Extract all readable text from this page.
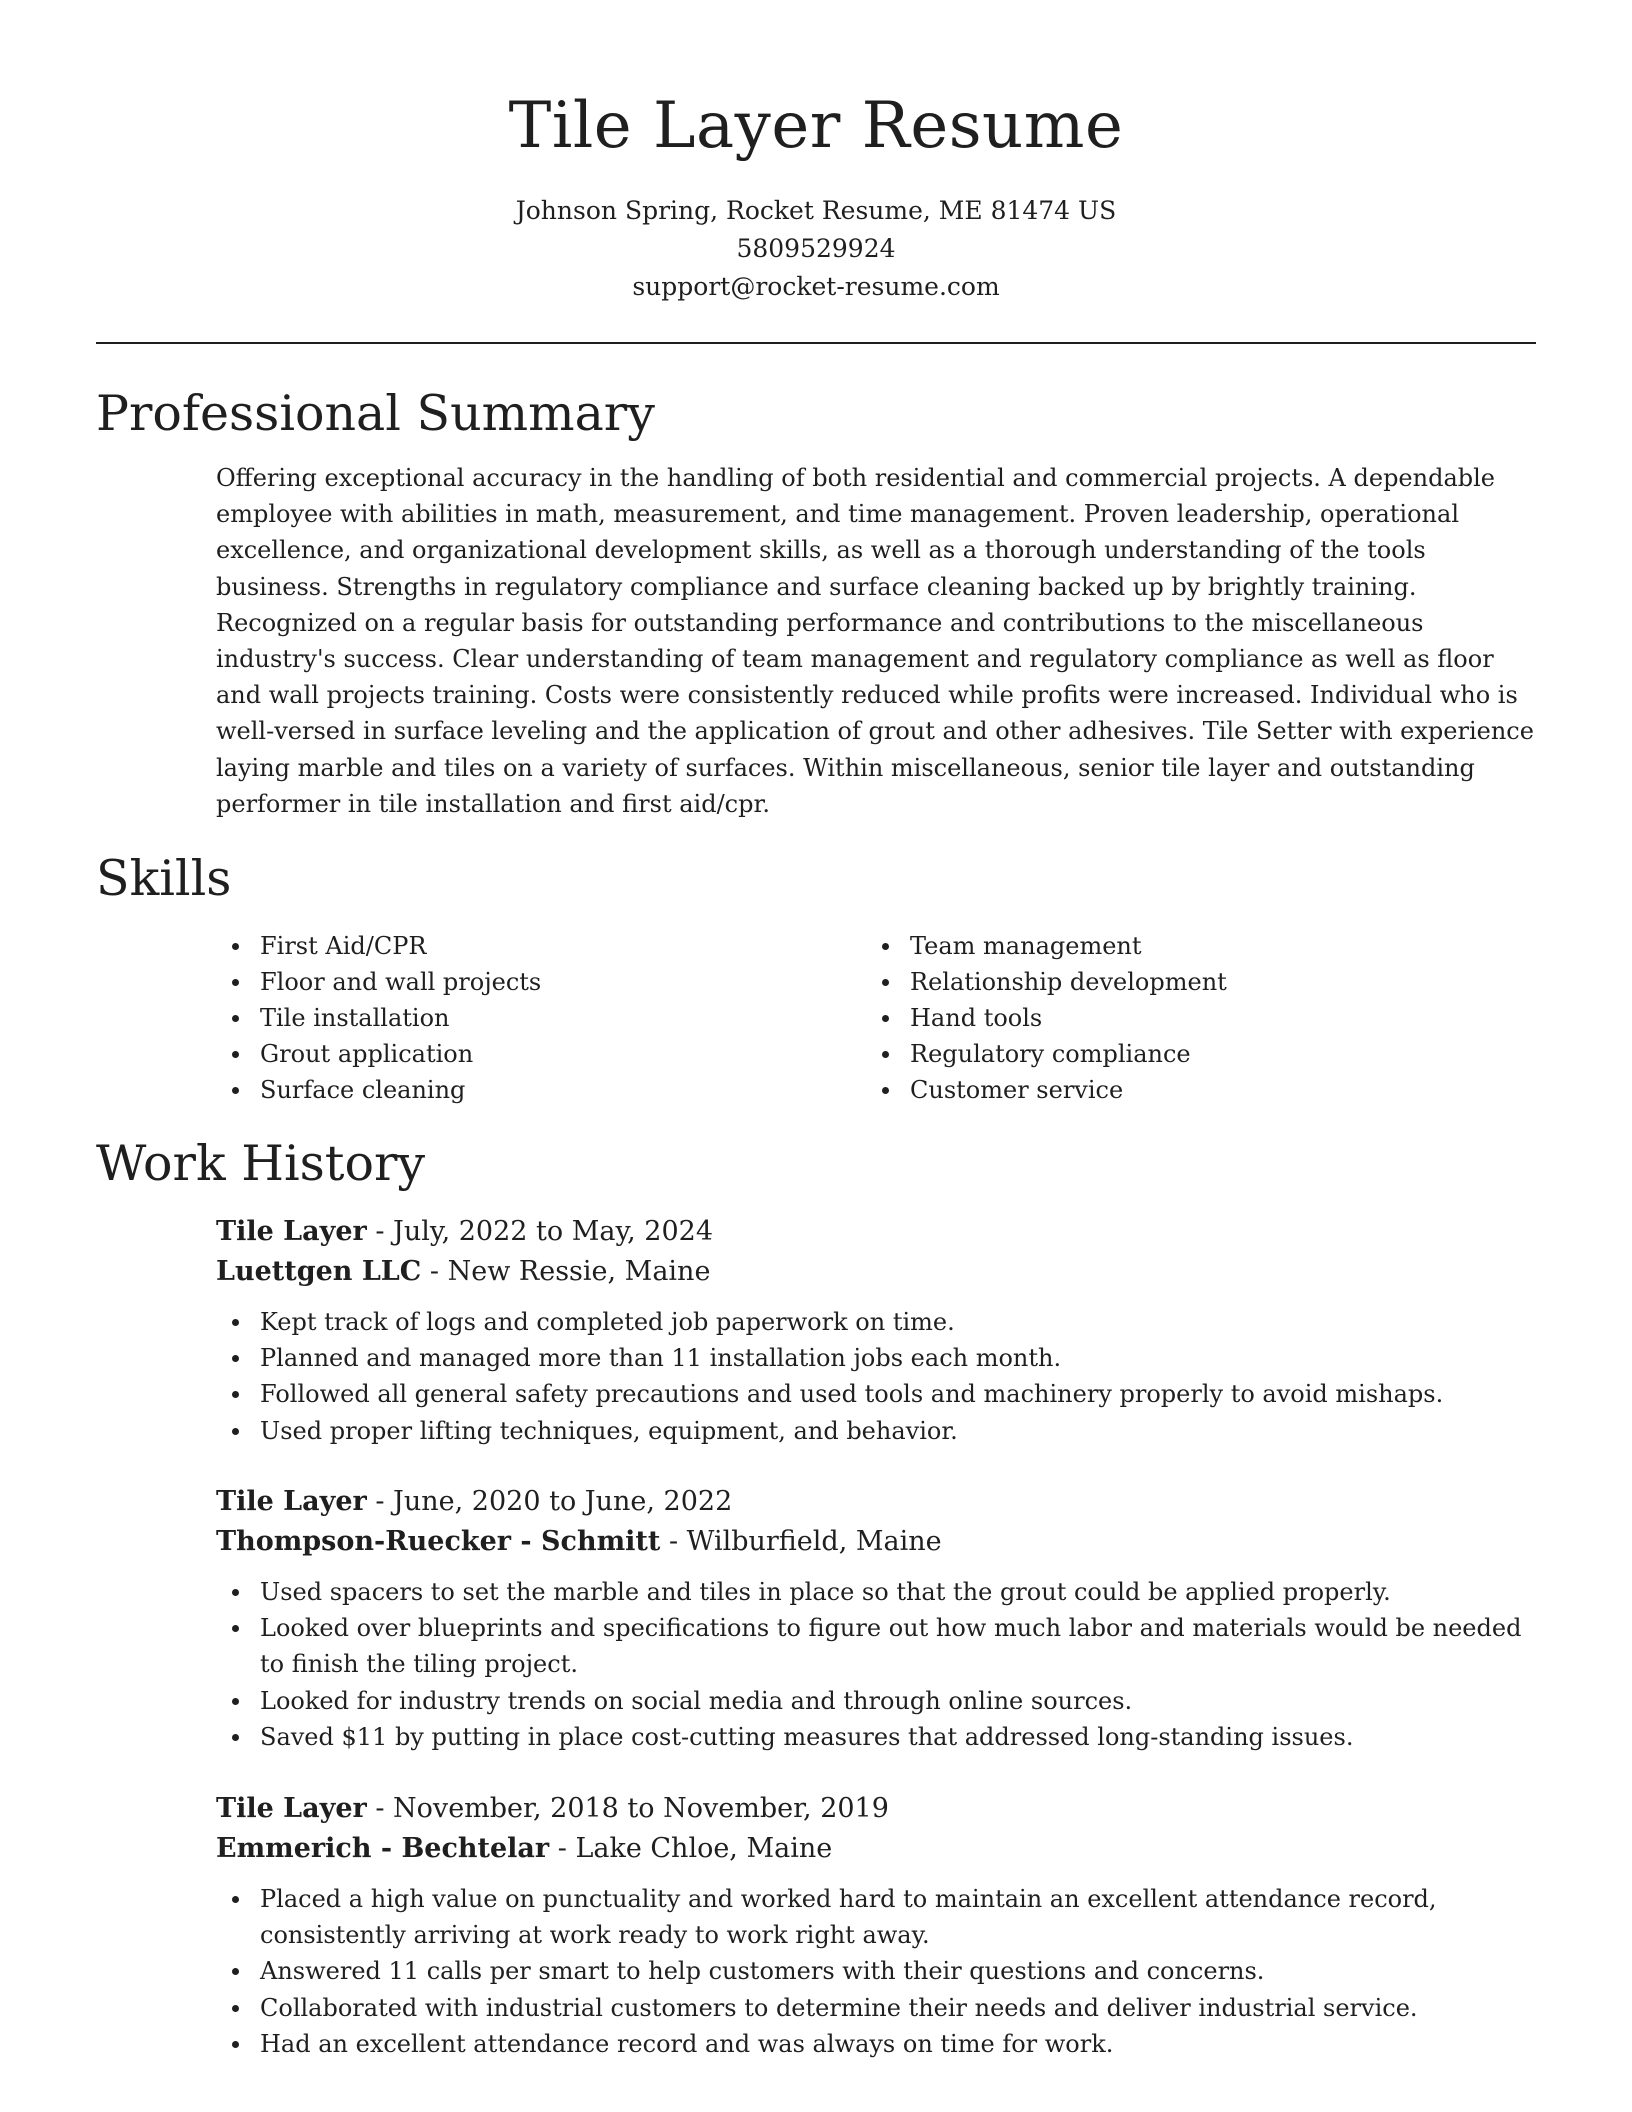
Tile Layer Resume
Johnson Spring, Rocket Resume, ME 81474 US
5809529924
support@rocket-resume.com
Professional Summary

Offering exceptional accuracy in the handling of both residential and commercial projects. A dependable employee with abilities in math, measurement, and time management. Proven leadership, operational excellence, and organizational development skills, as well as a thorough understanding of the tools business. Strengths in regulatory compliance and surface cleaning backed up by brightly training. Recognized on a regular basis for outstanding performance and contributions to the miscellaneous industry's success. Clear understanding of team management and regulatory compliance as well as floor and wall projects training. Costs were consistently reduced while profits were increased. Individual who is well-versed in surface leveling and the application of grout and other adhesives. Tile Setter with experience laying marble and tiles on a variety of surfaces. Within miscellaneous, senior tile layer and outstanding performer in tile installation and first aid/cpr.

Skills
First Aid/CPR
Floor and wall projects
Tile installation
Grout application
Surface cleaning
Team management
Relationship development
Hand tools
Regulatory compliance
Customer service
Work History

Tile Layer - July, 2022 to May, 2024

Luettgen LLC - New Ressie, Maine

Kept track of logs and completed job paperwork on time.
Planned and managed more than 11 installation jobs each month.
Followed all general safety precautions and used tools and machinery properly to avoid mishaps.
Used proper lifting techniques, equipment, and behavior.

Tile Layer - June, 2020 to June, 2022

Thompson-Ruecker - Schmitt - Wilburfield, Maine

Used spacers to set the marble and tiles in place so that the grout could be applied properly.
Looked over blueprints and specifications to figure out how much labor and materials would be needed to finish the tiling project.
Looked for industry trends on social media and through online sources.
Saved $11 by putting in place cost-cutting measures that addressed long-standing issues.

Tile Layer - November, 2018 to November, 2019

Emmerich - Bechtelar - Lake Chloe, Maine

Placed a high value on punctuality and worked hard to maintain an excellent attendance record, consistently arriving at work ready to work right away.
Answered 11 calls per smart to help customers with their questions and concerns.
Collaborated with industrial customers to determine their needs and deliver industrial service.
Had an excellent attendance record and was always on time for work.
